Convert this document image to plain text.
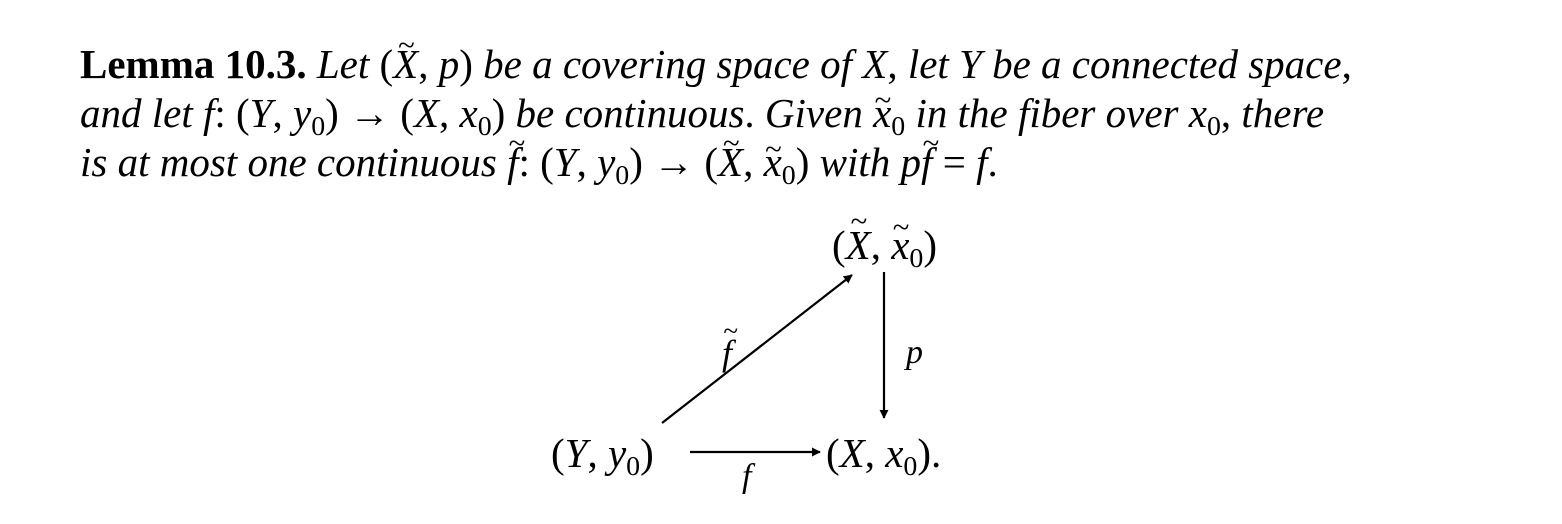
Lemma 10.3. Let (~ X, p) be a covering space of X, let Y be a connected space,
and let f: (Y, $y_0) \to (X$, $x_0$) be continuous. Given ~ $x_0$ in the fiber over $x_0$, there
is at most one continuous ~ f: (Y, $y_0$) → (~ X, ~ $x_0$) with p~ f = f.
(~ X, ~ $x_0$)
(Y, $y_0$)	(X, $x_0$).
~ f	p
f
